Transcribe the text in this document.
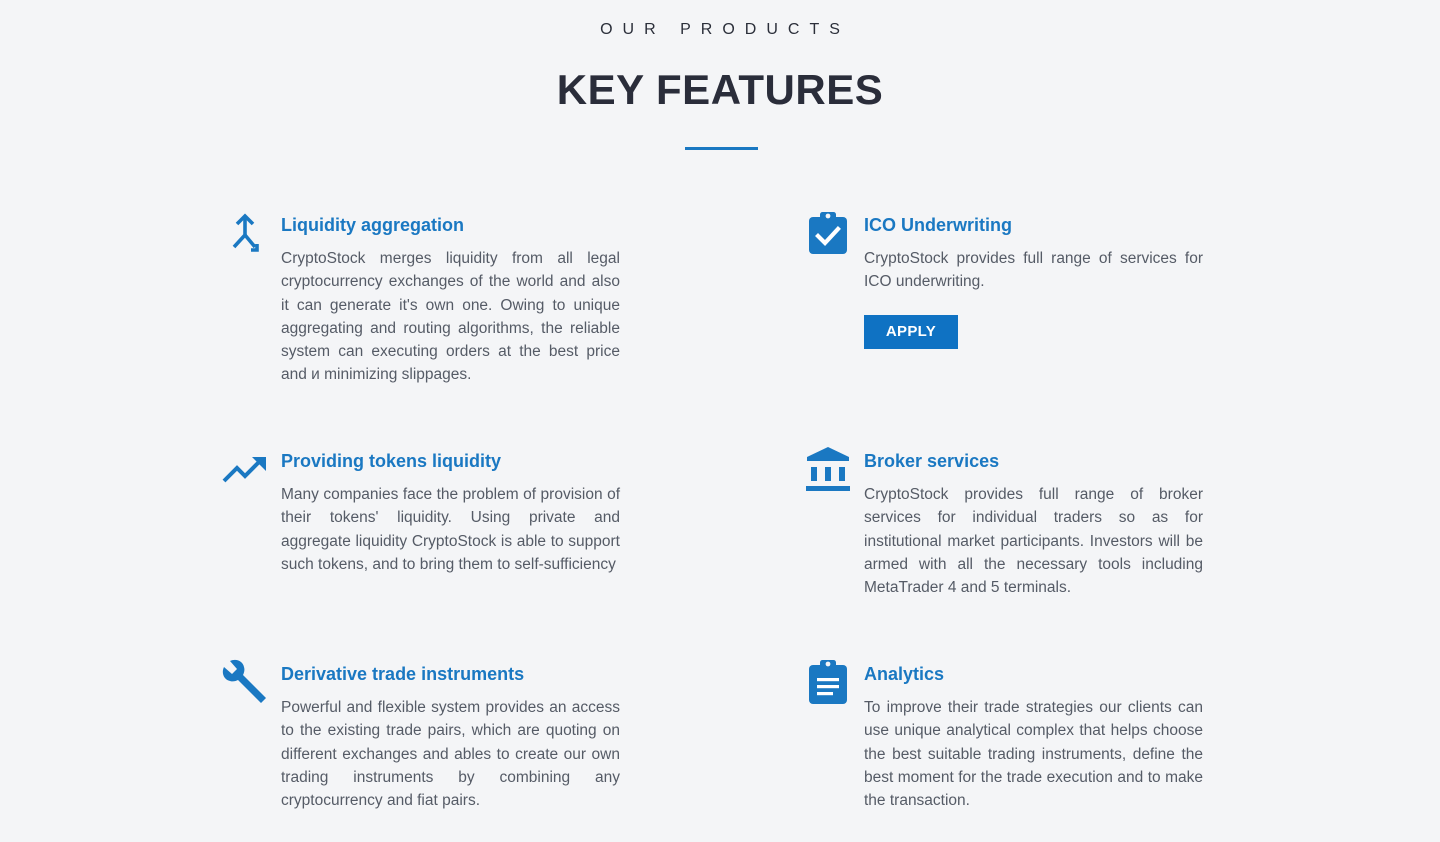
OUR PRODUCTS
KEY FEATURES
Liquidity aggregation

CryptoStock merges liquidity from all legal cryptocurrency exchanges of the world and also it can generate it's own one. Owing to unique aggregating and routing algorithms, the reliable system can executing orders at the best price and и minimizing slippages.

ICO Underwriting

CryptoStock provides full range of services for ICO underwriting.

APPLY
Providing tokens liquidity

Many companies face the problem of provision of their tokens' liquidity. Using private and aggregate liquidity CryptoStock is able to support such tokens, and to bring them to self-sufficiency

Broker services

CryptoStock provides full range of broker services for individual traders so as for institutional market participants. Investors will be armed with all the necessary tools including MetaTrader 4 and 5 terminals.

Derivative trade instruments

Powerful and flexible system provides an access to the existing trade pairs, which are quoting on different exchanges and ables to create our own trading instruments by combining any cryptocurrency and fiat pairs.

Analytics

To improve their trade strategies our clients can use unique analytical complex that helps choose the best suitable trading instruments, define the best moment for the trade execution and to make the transaction.
